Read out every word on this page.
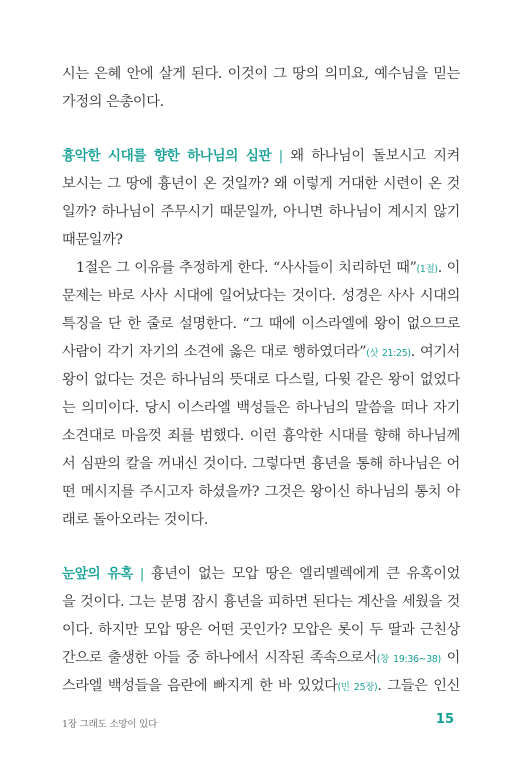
시는 은혜 안에 살게 된다. 이것이 그 땅의 의미요, 예수님을 믿는
가정의 은총이다.
흉악한 시대를 향한 하나님의 심판 | 왜 하나님이 돌보시고 지켜
보시는 그 땅에 흉년이 온 것일까? 왜 이렇게 거대한 시련이 온 것
일까? 하나님이 주무시기 때문일까, 아니면 하나님이 계시지 않기
때문일까?
1절은 그 이유를 추정하게 한다. “사사들이 치리하던 때”(1절). 이
문제는 바로 사사 시대에 일어났다는 것이다. 성경은 사사 시대의
특징을 단 한 줄로 설명한다. “그 때에 이스라엘에 왕이 없으므로
사람이 각기 자기의 소견에 옳은 대로 행하였더라”(삿 21:25). 여기서
왕이 없다는 것은 하나님의 뜻대로 다스릴, 다윗 같은 왕이 없었다
는 의미이다. 당시 이스라엘 백성들은 하나님의 말씀을 떠나 자기
소견대로 마음껏 죄를 범했다. 이런 흉악한 시대를 향해 하나님께
서 심판의 칼을 꺼내신 것이다. 그렇다면 흉년을 통해 하나님은 어
떤 메시지를 주시고자 하셨을까? 그것은 왕이신 하나님의 통치 아
래로 돌아오라는 것이다.
눈앞의 유혹 | 흉년이 없는 모압 땅은 엘리멜렉에게 큰 유혹이었
을 것이다. 그는 분명 잠시 흉년을 피하면 된다는 계산을 세웠을 것
이다. 하지만 모압 땅은 어떤 곳인가? 모압은 롯이 두 딸과 근친상
간으로 출생한 아들 중 하나에서 시작된 족속으로서(창 19:36~38) 이
스라엘 백성들을 음란에 빠지게 한 바 있었다(민 25장). 그들은 인신
1장 그래도 소망이 있다	15
